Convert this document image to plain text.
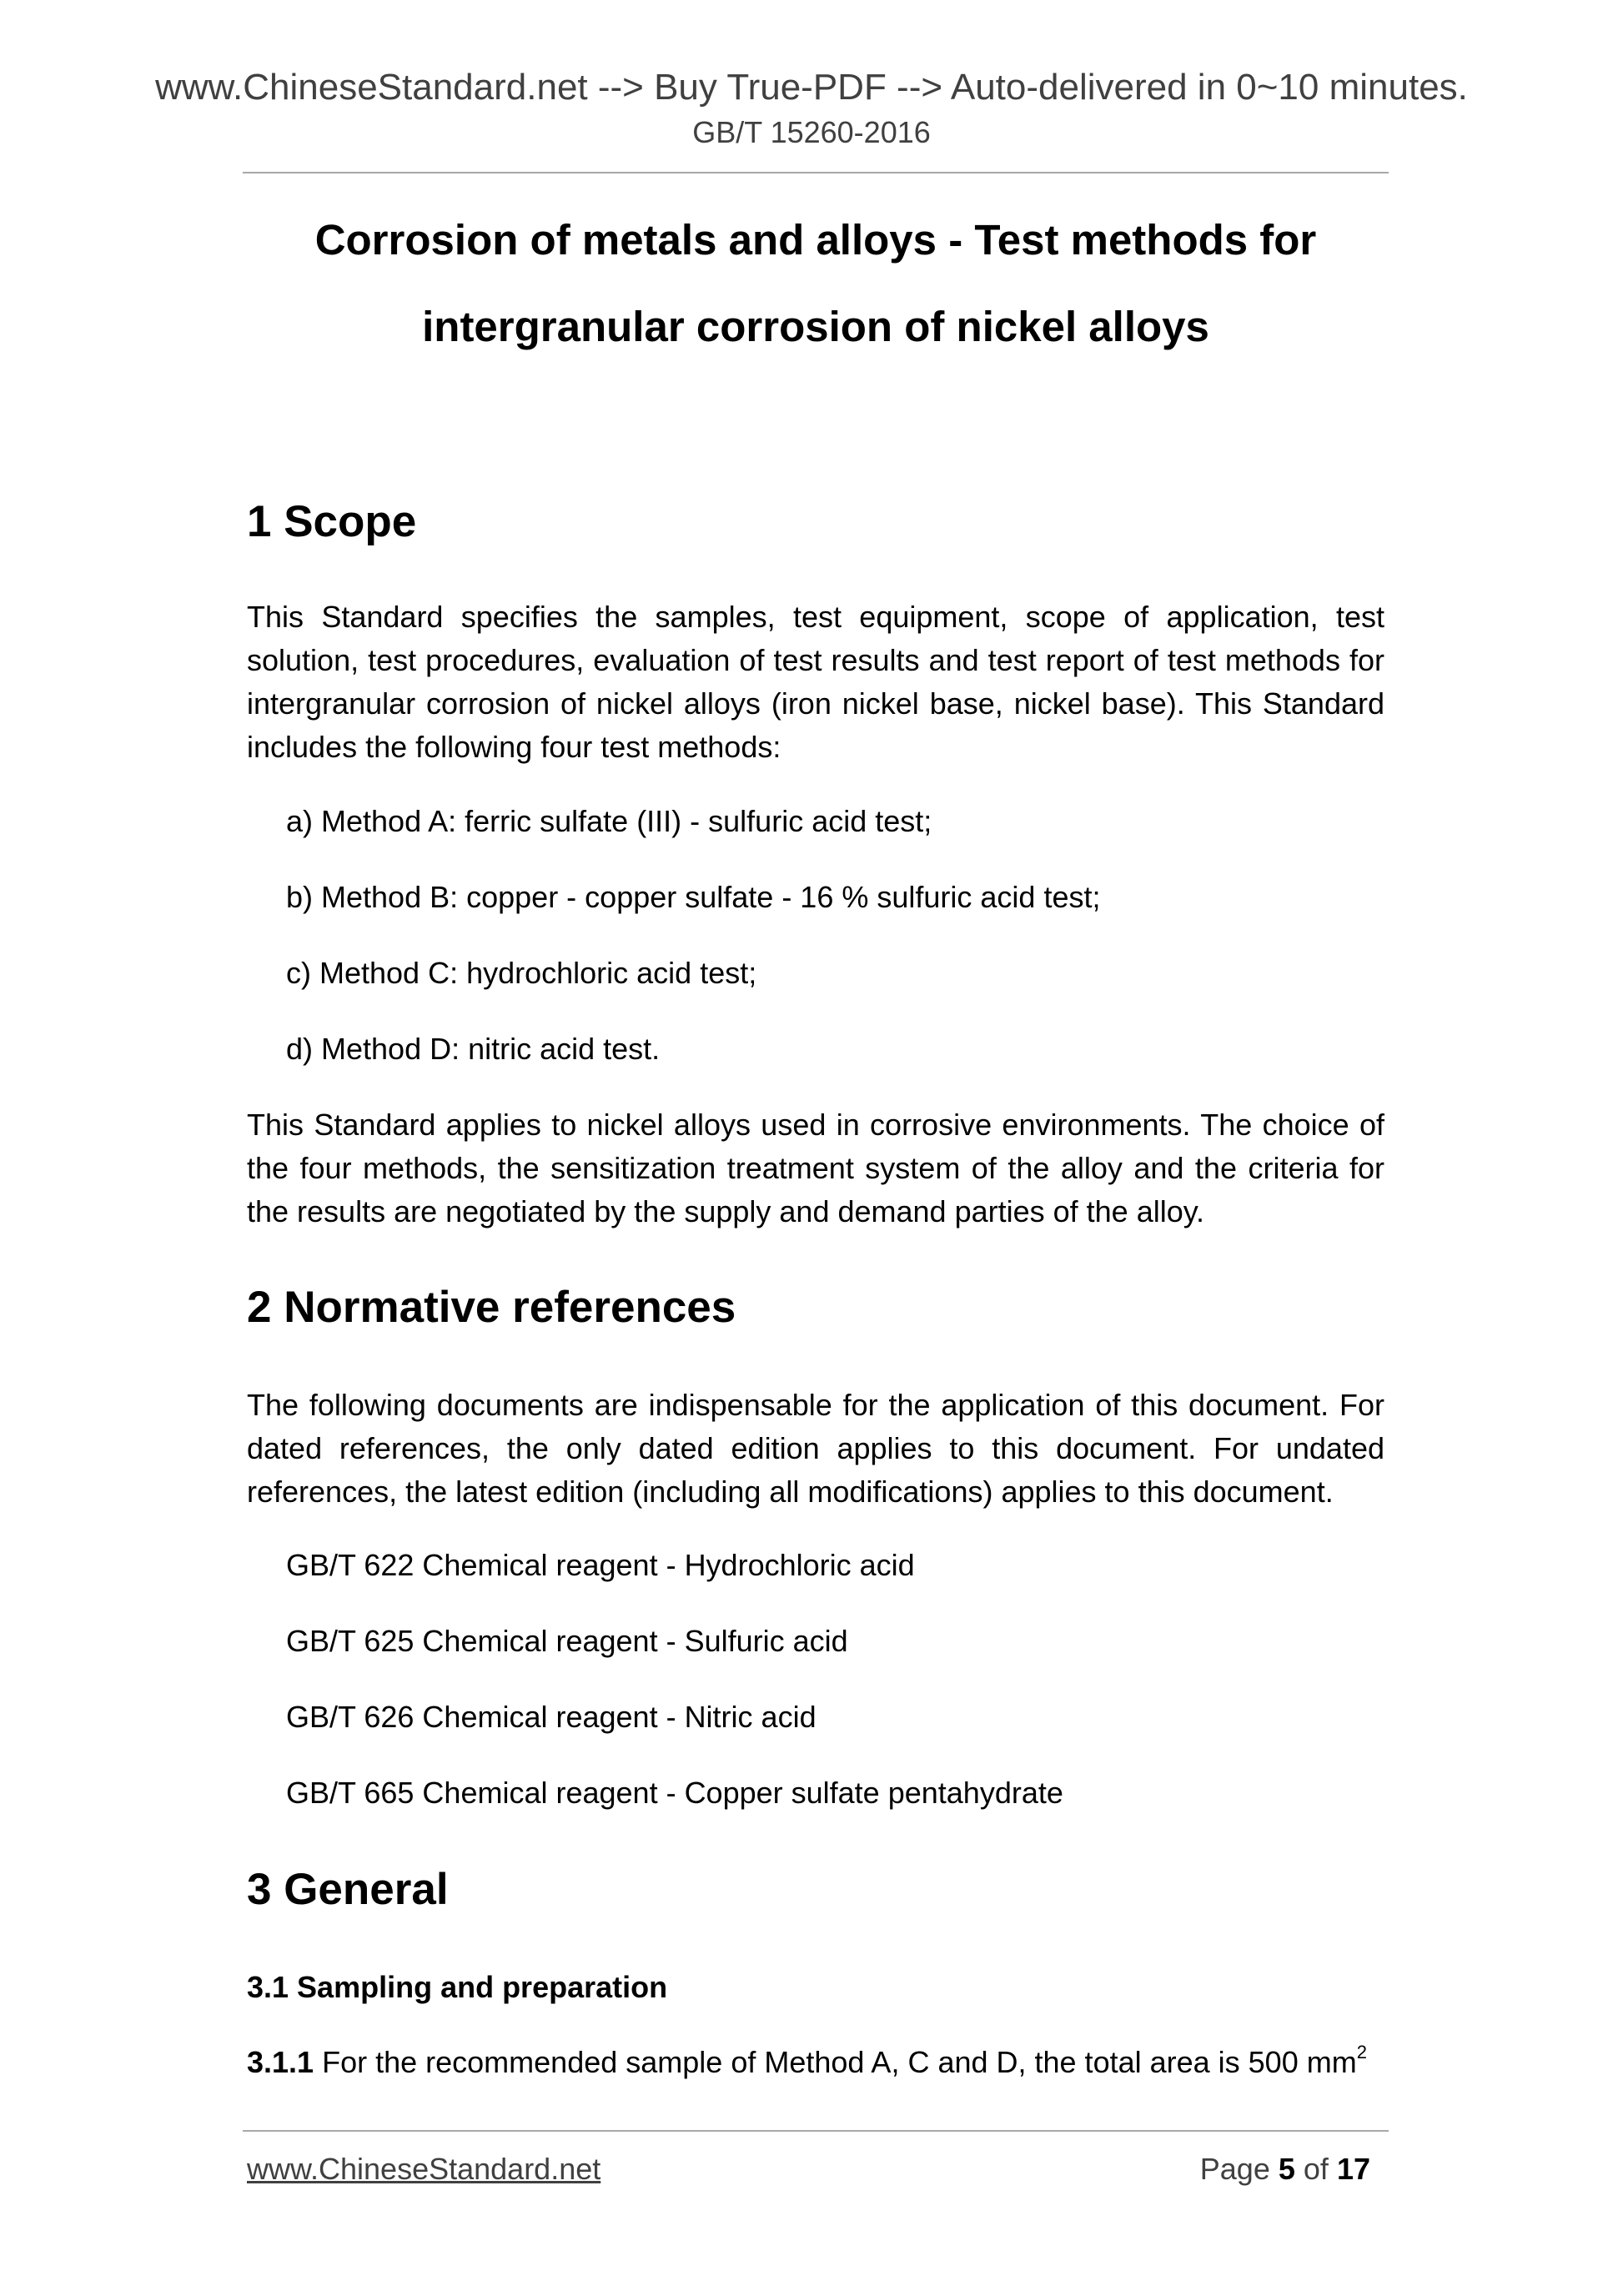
www.ChineseStandard.net --> Buy True-PDF --> Auto-delivered in 0~10 minutes.
GB/T 15260-2016
Corrosion of metals and alloys - Test methods for
intergranular corrosion of nickel alloys
1 Scope
This Standard specifies the samples, test equipment, scope of application, test solution, test procedures, evaluation of test results and test report of test methods for intergranular corrosion of nickel alloys (iron nickel base, nickel base). This Standard includes the following four test methods:
a) Method A: ferric sulfate (III) - sulfuric acid test;
b) Method B: copper - copper sulfate - 16 % sulfuric acid test;
c) Method C: hydrochloric acid test;
d) Method D: nitric acid test.
This Standard applies to nickel alloys used in corrosive environments. The choice of the four methods, the sensitization treatment system of the alloy and the criteria for the results are negotiated by the supply and demand parties of the alloy.
2 Normative references
The following documents are indispensable for the application of this document. For dated references, the only dated edition applies to this document. For undated references, the latest edition (including all modifications) applies to this document.
GB/T 622 Chemical reagent - Hydrochloric acid
GB/T 625 Chemical reagent - Sulfuric acid
GB/T 626 Chemical reagent - Nitric acid
GB/T 665 Chemical reagent - Copper sulfate pentahydrate
3 General
3.1 Sampling and preparation
3.1.1 For the recommended sample of Method A, C and D, the total area is 500 $mm^2$
www.ChineseStandard.net	Page 5 of 17
